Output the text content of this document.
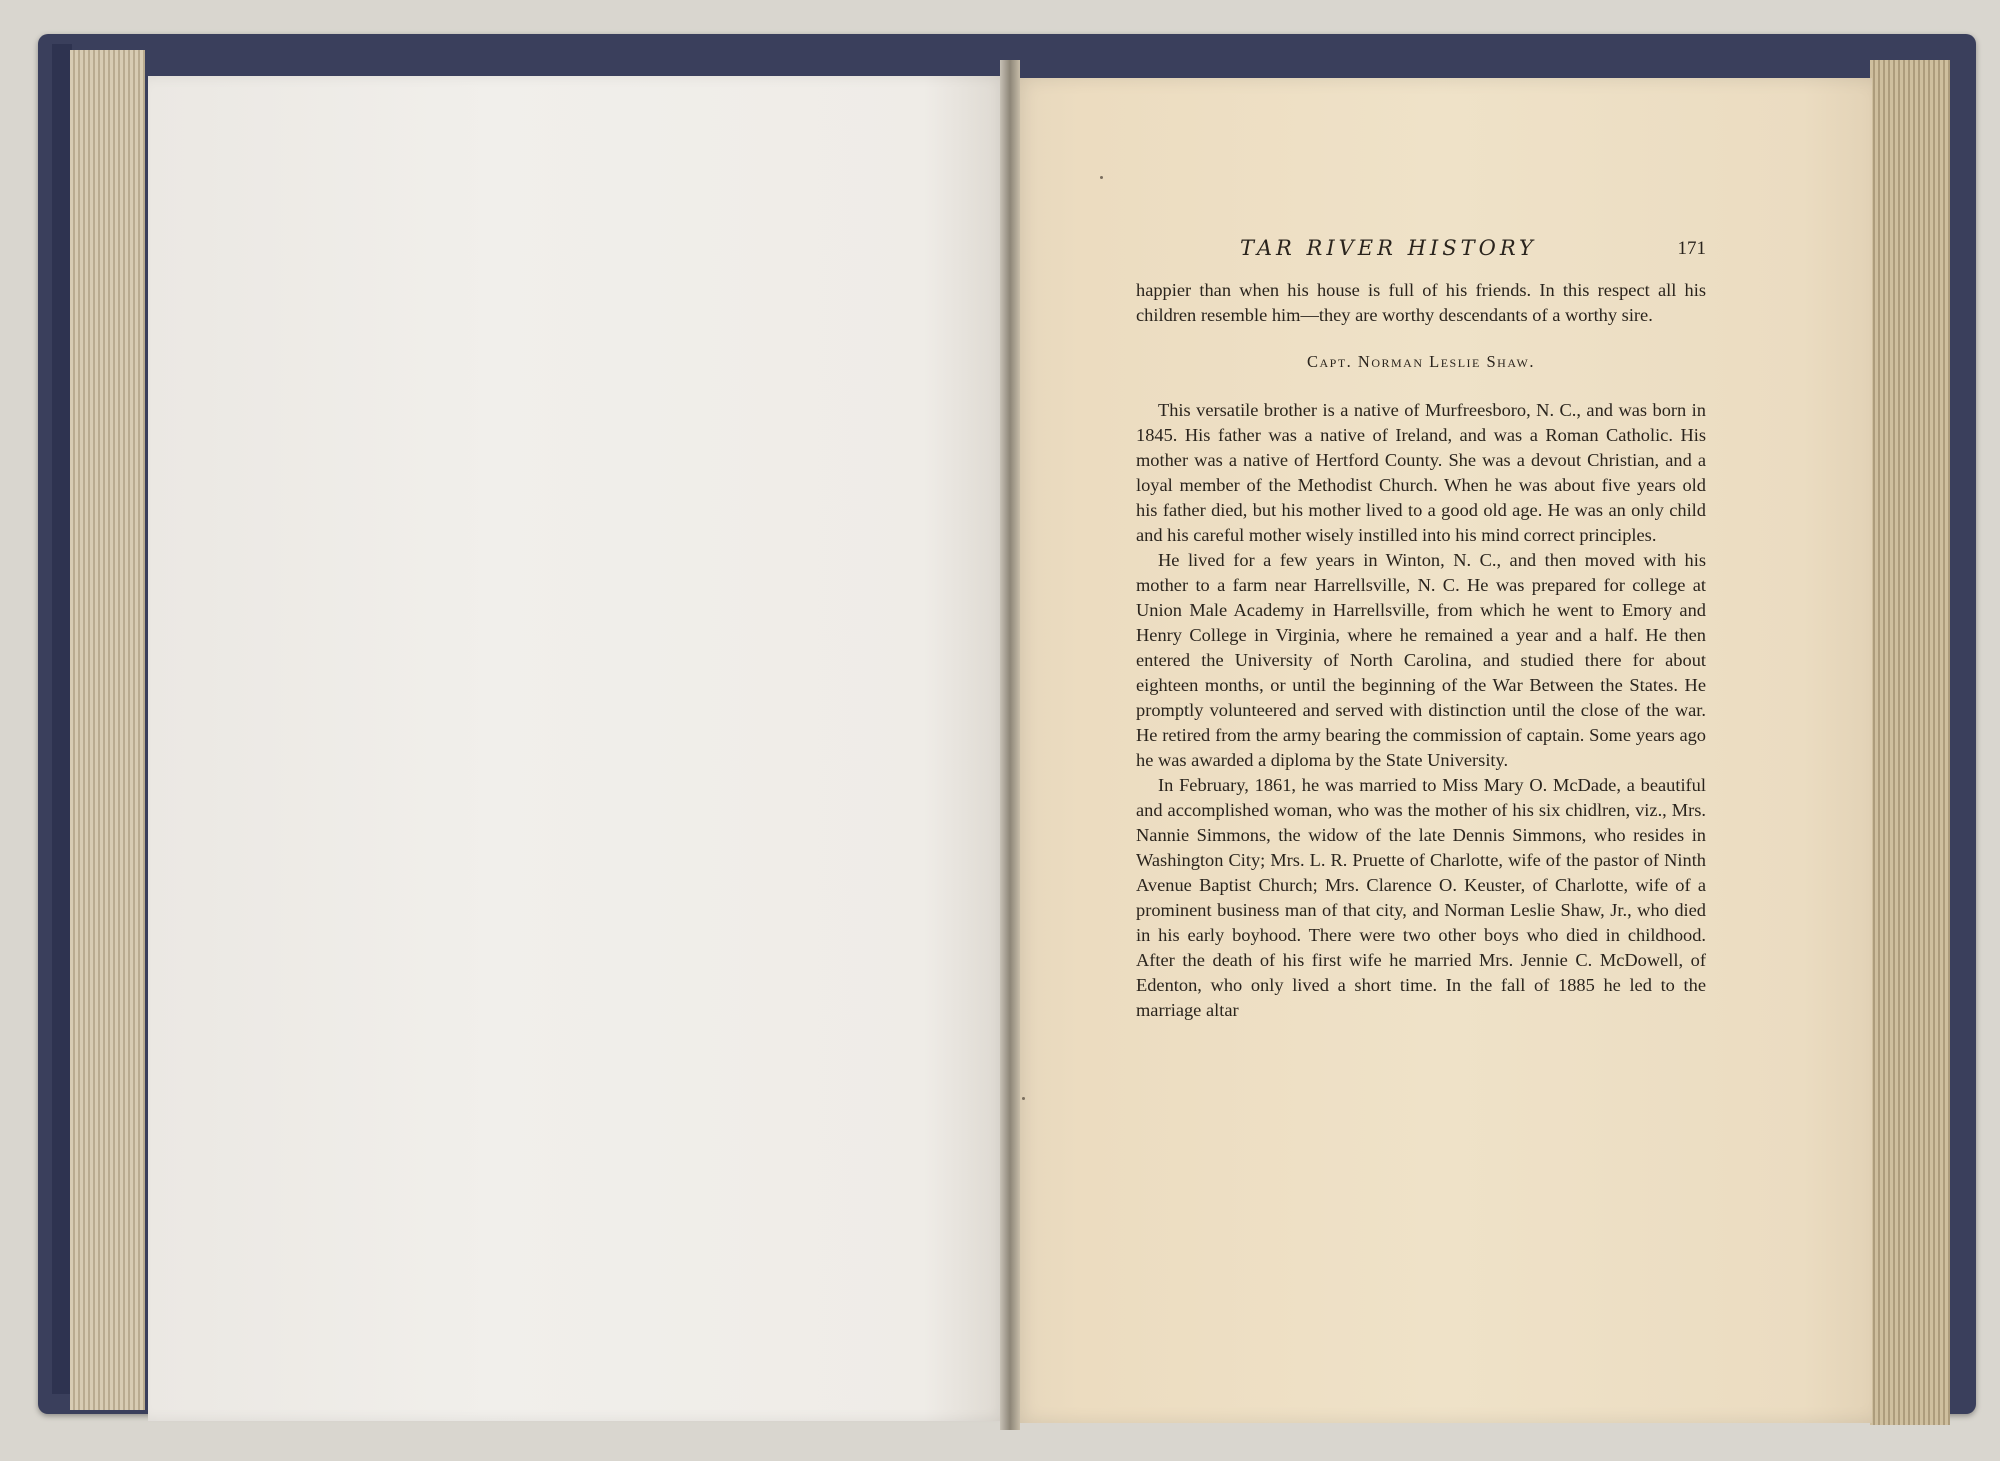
TAR RIVER HISTORY	171

happier than when his house is full of his friends. In this respect all his children resemble him—they are worthy descendants of a worthy sire.

Capt. Norman Leslie Shaw.

This versatile brother is a native of Murfreesboro, N. C., and was born in 1845. His father was a native of Ireland, and was a Roman Catholic. His mother was a native of Hertford County. She was a devout Christian, and a loyal member of the Methodist Church. When he was about five years old his father died, but his mother lived to a good old age. He was an only child and his careful mother wisely instilled into his mind correct principles.

He lived for a few years in Winton, N. C., and then moved with his mother to a farm near Harrellsville, N. C. He was prepared for college at Union Male Academy in Harrellsville, from which he went to Emory and Henry College in Virginia, where he remained a year and a half. He then entered the University of North Carolina, and studied there for about eighteen months, or until the beginning of the War Between the States. He promptly volunteered and served with distinction until the close of the war. He retired from the army bearing the commission of captain. Some years ago he was awarded a diploma by the State University.

In February, 1861, he was married to Miss Mary O. McDade, a beautiful and accomplished woman, who was the mother of his six chidlren, viz., Mrs. Nannie Simmons, the widow of the late Dennis Simmons, who resides in Washington City; Mrs. L. R. Pruette of Charlotte, wife of the pastor of Ninth Avenue Baptist Church; Mrs. Clarence O. Keuster, of Charlotte, wife of a prominent business man of that city, and Norman Leslie Shaw, Jr., who died in his early boyhood. There were two other boys who died in childhood. After the death of his first wife he married Mrs. Jennie C. McDowell, of Edenton, who only lived a short time. In the fall of 1885 he led to the marriage altar
